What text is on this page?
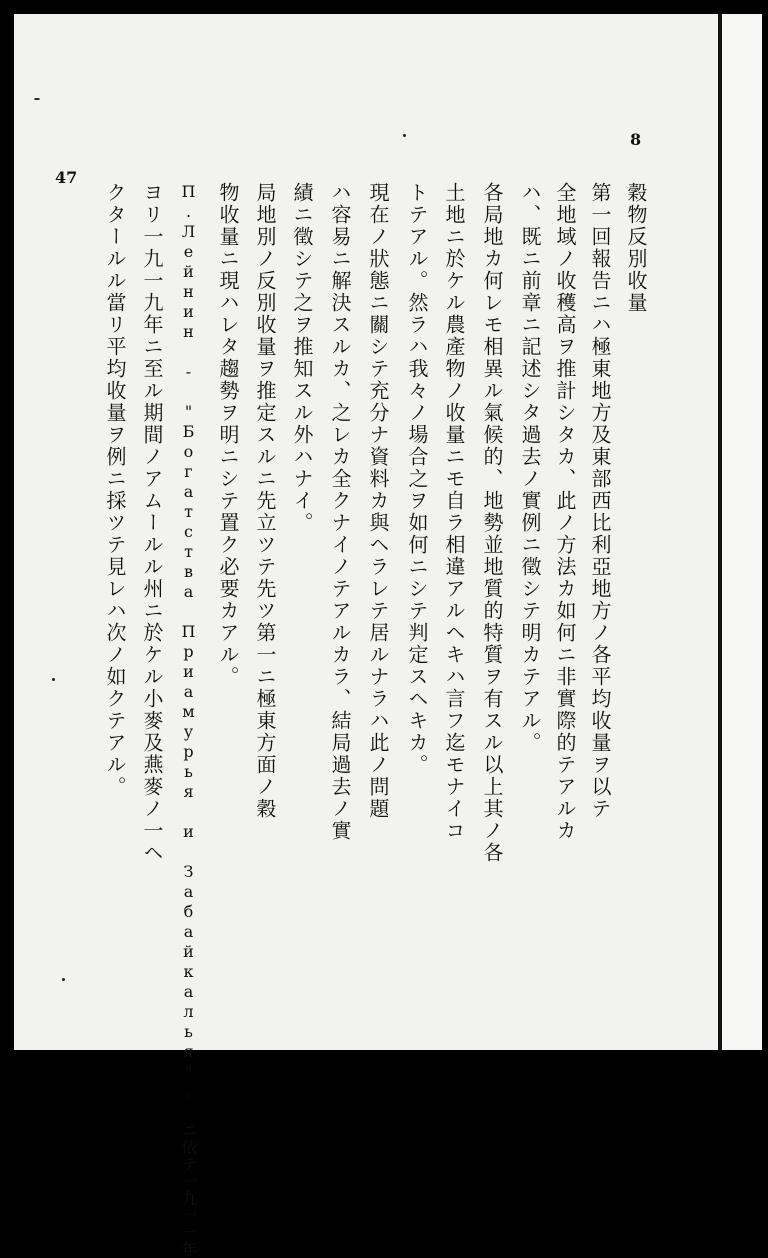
8
47
穀物反別收量
第一回報告ニハ極東地方及東部西比利亞地方ノ各平均收量ヲ以テ
全地域ノ收穫高ヲ推計シタカ、此ノ方法カ如何ニ非實際的テアルカ
ハ、既ニ前章ニ記述シタ過去ノ實例ニ徵シテ明カテアル。
各局地カ何レモ相異ル氣候的、地勢並地質的特質ヲ有スル以上其ノ各
土地ニ於ケル農產物ノ收量ニモ自ラ相違アルヘキハ言フ迄モナイコ
トテアル。然ラハ我々ノ場合之ヲ如何ニシテ判定スヘキカ。
現在ノ狀態ニ關シテ充分ナ資料カ與ヘラレテ居ルナラハ此ノ問題
ハ容易ニ解決スルカ、之レカ全クナイノテアルカラ、結局過去ノ實
績ニ徵シテ之ヲ推知スル外ハナイ。
局地別ノ反別收量ヲ推定スルニ先立ツテ先ツ第一ニ極東方面ノ穀
物收量ニ現ハレタ趨勢ヲ明ニシテ置ク必要カアル。
П.Лейнин - "Богатства Приамурья и Забайкалья". ニ依テ一九一一年
ヨリ一九一九年ニ至ル期間ノアムールル州ニ於ケル小麥及燕麥ノ一ヘ
クタールル當リ平均收量ヲ例ニ採ツテ見レハ次ノ如クテアル。
